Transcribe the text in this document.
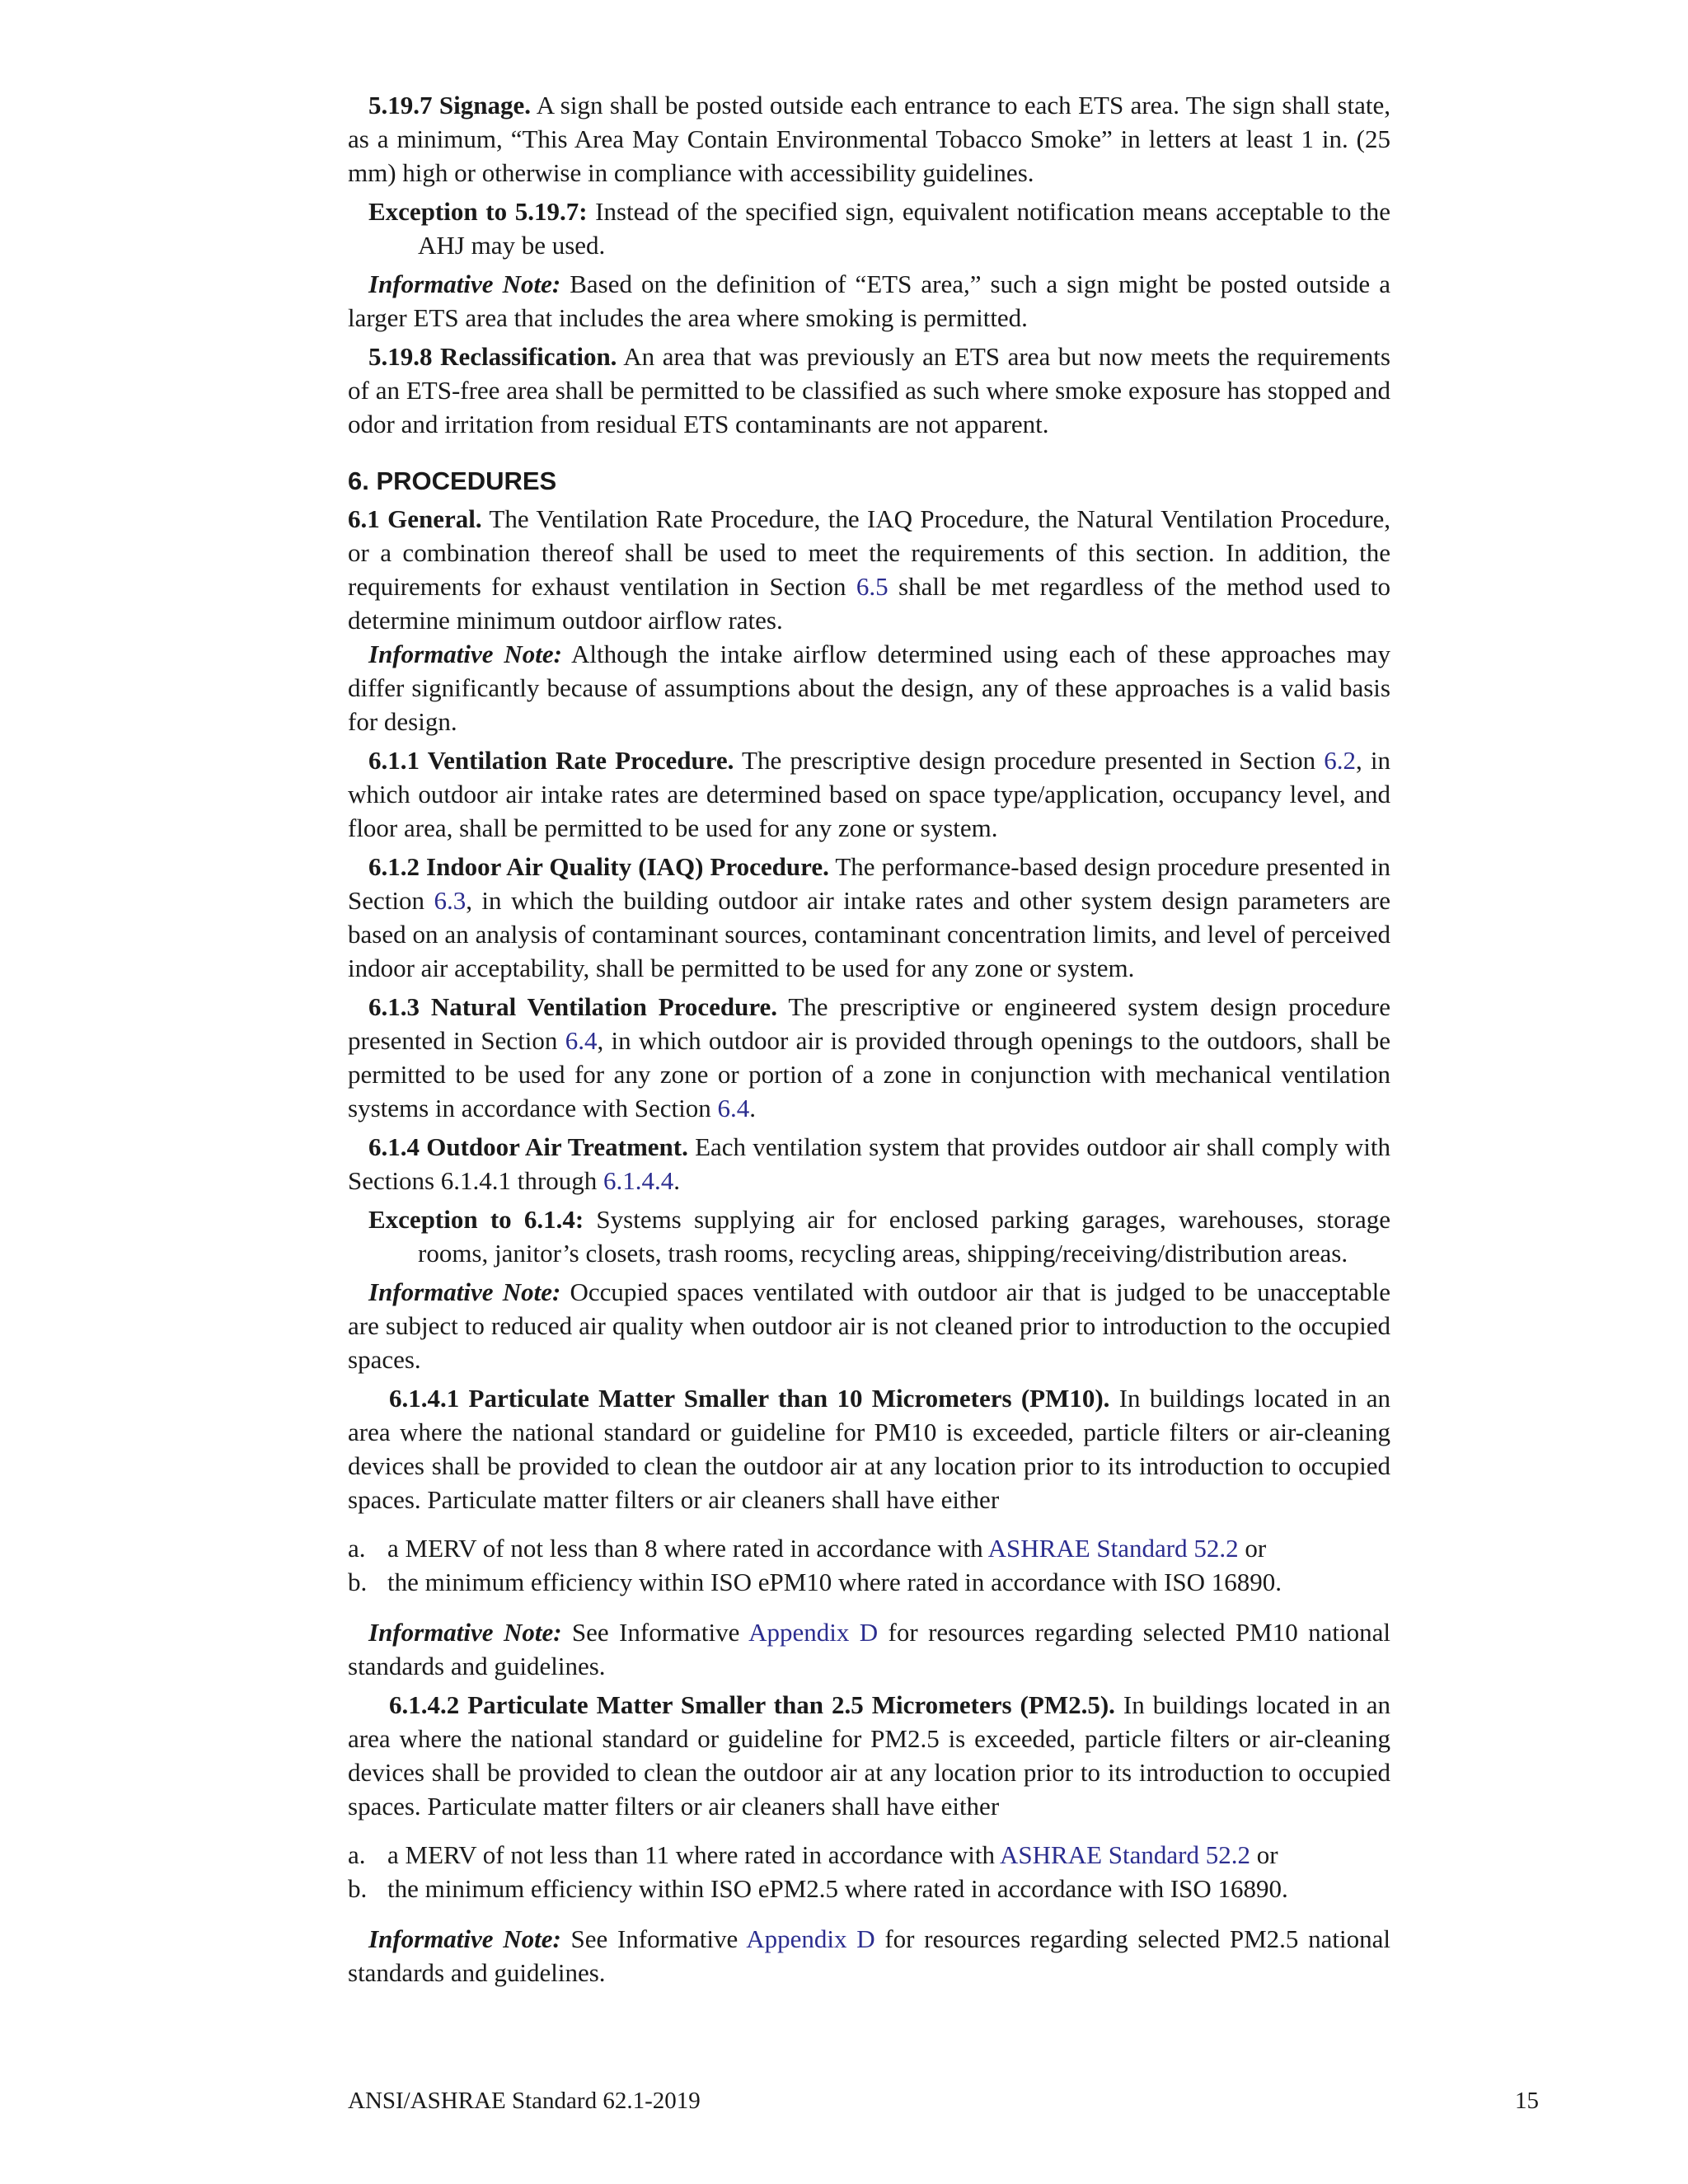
5.19.7 Signage. A sign shall be posted outside each entrance to each ETS area. The sign shall state, as a minimum, “This Area May Contain Environmental Tobacco Smoke” in letters at least 1 in. (25 mm) high or otherwise in compliance with accessibility guidelines.

Exception to 5.19.7: Instead of the specified sign, equivalent notification means acceptable to the AHJ may be used.

Informative Note: Based on the definition of “ETS area,” such a sign might be posted outside a larger ETS area that includes the area where smoking is permitted.

5.19.8 Reclassification. An area that was previously an ETS area but now meets the requirements of an ETS-free area shall be permitted to be classified as such where smoke exposure has stopped and odor and irritation from residual ETS contaminants are not apparent.

6. PROCEDURES

6.1 General. The Ventilation Rate Procedure, the IAQ Procedure, the Natural Ventilation Procedure, or a combination thereof shall be used to meet the requirements of this section. In addition, the requirements for exhaust ventilation in Section 6.5 shall be met regardless of the method used to determine minimum outdoor airflow rates.

Informative Note: Although the intake airflow determined using each of these approaches may differ significantly because of assumptions about the design, any of these approaches is a valid basis for design.

6.1.1 Ventilation Rate Procedure. The prescriptive design procedure presented in Section 6.2, in which outdoor air intake rates are determined based on space type/application, occupancy level, and floor area, shall be permitted to be used for any zone or system.

6.1.2 Indoor Air Quality (IAQ) Procedure. The performance-based design procedure presented in Section 6.3, in which the building outdoor air intake rates and other system design parameters are based on an analysis of contaminant sources, contaminant concentration limits, and level of perceived indoor air acceptability, shall be permitted to be used for any zone or system.

6.1.3 Natural Ventilation Procedure. The prescriptive or engineered system design procedure presented in Section 6.4, in which outdoor air is provided through openings to the outdoors, shall be permitted to be used for any zone or portion of a zone in conjunction with mechanical ventilation systems in accordance with Section 6.4.

6.1.4 Outdoor Air Treatment. Each ventilation system that provides outdoor air shall comply with Sections 6.1.4.1 through 6.1.4.4.

Exception to 6.1.4: Systems supplying air for enclosed parking garages, warehouses, storage rooms, janitor’s closets, trash rooms, recycling areas, shipping/receiving/distribution areas.

Informative Note: Occupied spaces ventilated with outdoor air that is judged to be unacceptable are subject to reduced air quality when outdoor air is not cleaned prior to introduction to the occupied spaces.

6.1.4.1 Particulate Matter Smaller than 10 Micrometers (PM10). In buildings located in an area where the national standard or guideline for PM10 is exceeded, particle filters or air-cleaning devices shall be provided to clean the outdoor air at any location prior to its introduction to occupied spaces. Particulate matter filters or air cleaners shall have either

a. a MERV of not less than 8 where rated in accordance with ASHRAE Standard 52.2 or
b. the minimum efficiency within ISO ePM10 where rated in accordance with ISO 16890.

Informative Note: See Informative Appendix D for resources regarding selected PM10 national standards and guidelines.

6.1.4.2 Particulate Matter Smaller than 2.5 Micrometers (PM2.5). In buildings located in an area where the national standard or guideline for PM2.5 is exceeded, particle filters or air-cleaning devices shall be provided to clean the outdoor air at any location prior to its introduction to occupied spaces. Particulate matter filters or air cleaners shall have either

a. a MERV of not less than 11 where rated in accordance with ASHRAE Standard 52.2 or
b. the minimum efficiency within ISO ePM2.5 where rated in accordance with ISO 16890.

Informative Note: See Informative Appendix D for resources regarding selected PM2.5 national standards and guidelines.

ANSI/ASHRAE Standard 62.1-2019	15
